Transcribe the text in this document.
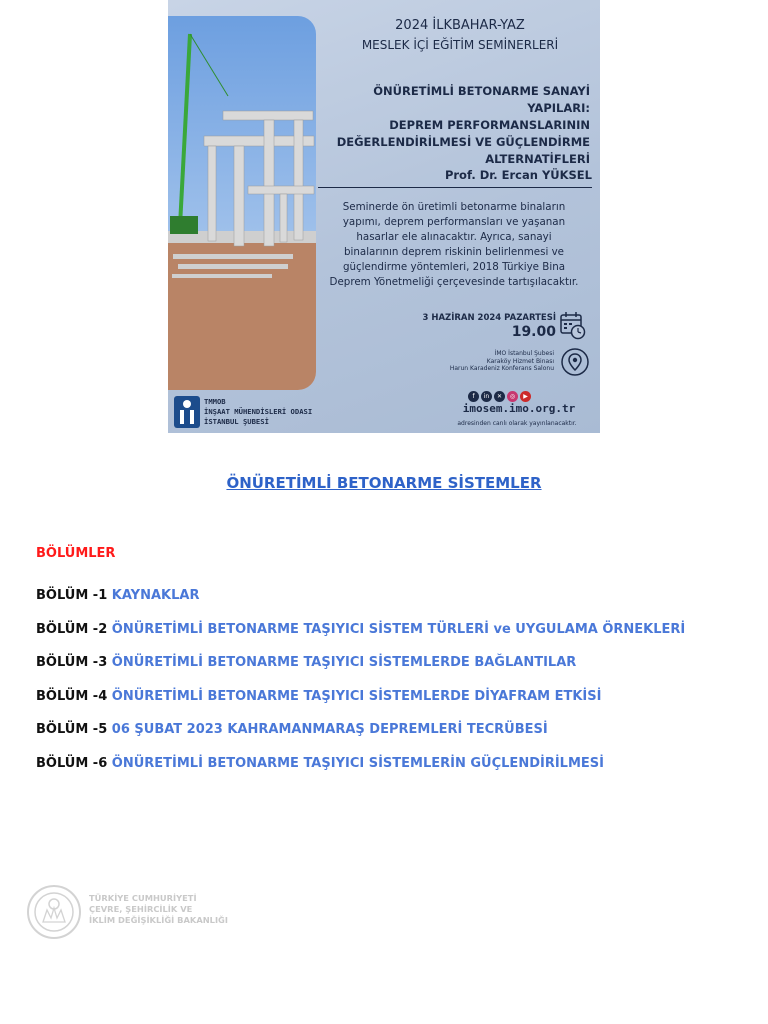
2024 İLKBAHAR-YAZ
MESLEK İÇİ EĞİTİM SEMİNERLERİ
ÖNÜRETİMLİ BETONARME SANAYİ YAPILARI:
DEPREM PERFORMANSLARININ
DEĞERLENDİRİLMESİ VE GÜÇLENDİRME
ALTERNATİFLERİ
Prof. Dr. Ercan YÜKSEL
Seminerde ön üretimli betonarme binaların
yapımı, deprem performansları ve yaşanan
hasarlar ele alınacaktır. Ayrıca, sanayi
binalarının deprem riskinin belirlenmesi ve
güçlendirme yöntemleri, 2018 Türkiye Bina
Deprem Yönetmeliği çerçevesinde tartışılacaktır.
3 HAZİRAN 2024 PAZARTESİ
19.00
İMO İstanbul Şubesi
Karaköy Hizmet Binası
Harun Karadeniz Konferans Salonu
f	in	✕	◎	▶
imosem.imo.org.tr
adresinden canlı olarak yayınlanacaktır.
TMMOB
İNŞAAT MÜHENDİSLERİ ODASI
İSTANBUL ŞUBESİ
ÖNÜRETİMLİ BETONARME SİSTEMLER
BÖLÜMLER
BÖLÜM -1 KAYNAKLAR
BÖLÜM -2 ÖNÜRETİMLİ BETONARME TAŞIYICI SİSTEM TÜRLERİ ve UYGULAMA ÖRNEKLERİ
BÖLÜM -3 ÖNÜRETİMLİ BETONARME TAŞIYICI SİSTEMLERDE BAĞLANTILAR
BÖLÜM -4 ÖNÜRETİMLİ BETONARME TAŞIYICI SİSTEMLERDE DİYAFRAM ETKİSİ
BÖLÜM -5 06 ŞUBAT 2023 KAHRAMANMARAŞ DEPREMLERİ TECRÜBESİ
BÖLÜM -6 ÖNÜRETİMLİ BETONARME TAŞIYICI SİSTEMLERİN GÜÇLENDİRİLMESİ
TÜRKİYE CUMHURİYETİ
ÇEVRE, ŞEHİRCİLİK VE
İKLİM DEĞİŞİKLİĞİ BAKANLIĞI
